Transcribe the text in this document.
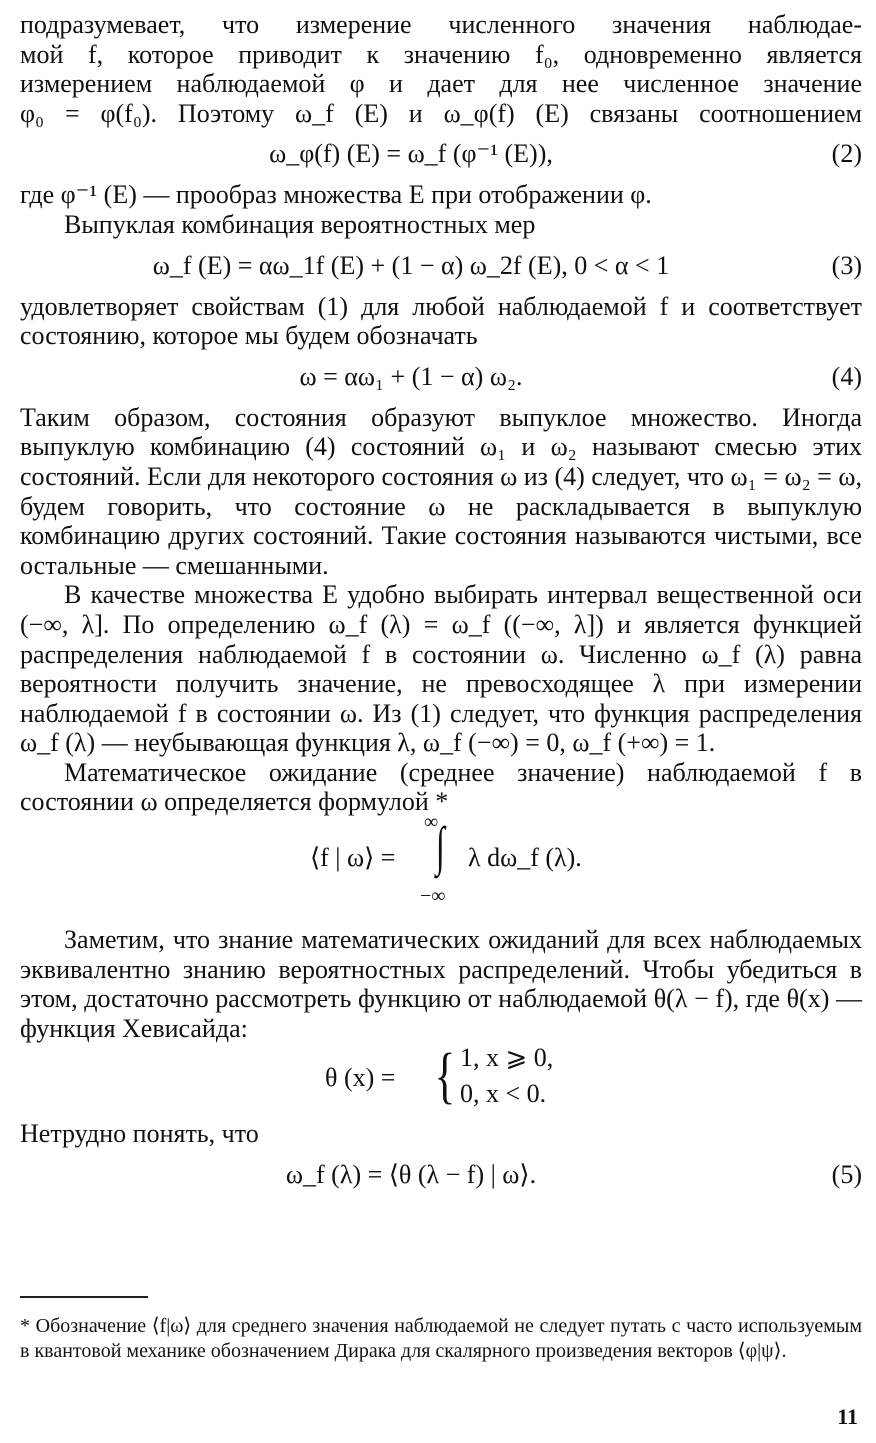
подразумевает, что измерение численного значения наблюдае-
мой f, которое приводит к значению f₀, одновременно является
измерением наблюдаемой φ и дает для нее численное значение
φ₀ = φ(f₀). Поэтому ω_f (E) и ω_φ(f) (E) связаны соотношением
ω_φ(f) (E) = ω_f (φ⁻¹ (E)),	(2)

где φ⁻¹ (E) — прообраз множества E при отображении φ.

Выпуклая комбинация вероятностных мер

ω_f (E) = αω_1f (E) + (1 − α) ω_2f (E), 0 < α < 1	(3)

удовлетворяет свойствам (1) для любой наблюдаемой f и соответствует состоянию, которое мы будем обозначать

ω = αω₁ + (1 − α) ω₂.	(4)

Таким образом, состояния образуют выпуклое множество. Иногда выпуклую комбинацию (4) состояний ω₁ и ω₂ называют смесью этих состояний. Если для некоторого состояния ω из (4) следует, что ω₁ = ω₂ = ω, будем говорить, что состояние ω не раскладывается в выпуклую комбинацию других состояний. Такие состояния называются чистыми, все остальные — смешанными.

В качестве множества E удобно выбирать интервал вещественной оси (−∞, λ]. По определению ω_f (λ) = ω_f ((−∞, λ]) и является функцией распределения наблюдаемой f в состоянии ω. Численно ω_f (λ) равна вероятности получить значение, не превосходящее λ при измерении наблюдаемой f в состоянии ω. Из (1) следует, что функция распределения ω_f (λ) — неубывающая функция λ, ω_f (−∞) = 0, ω_f (+∞) = 1.

Математическое ожидание (среднее значение) наблюдаемой f в состоянии ω определяется формулой *

⟨f | ω⟩ =
∞
∫
−∞
λ dω_f (λ).

Заметим, что знание математических ожиданий для всех наблюдаемых эквивалентно знанию вероятностных распределений. Чтобы убедиться в этом, достаточно рассмотреть функцию от наблюдаемой θ(λ − f), где θ(x) — функция Хевисайда:

θ (x) = { 1, x ⩾ 0,
0, x < 0.

Нетрудно понять, что

ω_f (λ) = ⟨θ (λ − f) | ω⟩.	(5)
* Обозначение ⟨f|ω⟩ для среднего значения наблюдаемой не следует путать с часто используемым в квантовой механике обозначением Дирака для скалярного произведения векторов ⟨φ|ψ⟩.
11
